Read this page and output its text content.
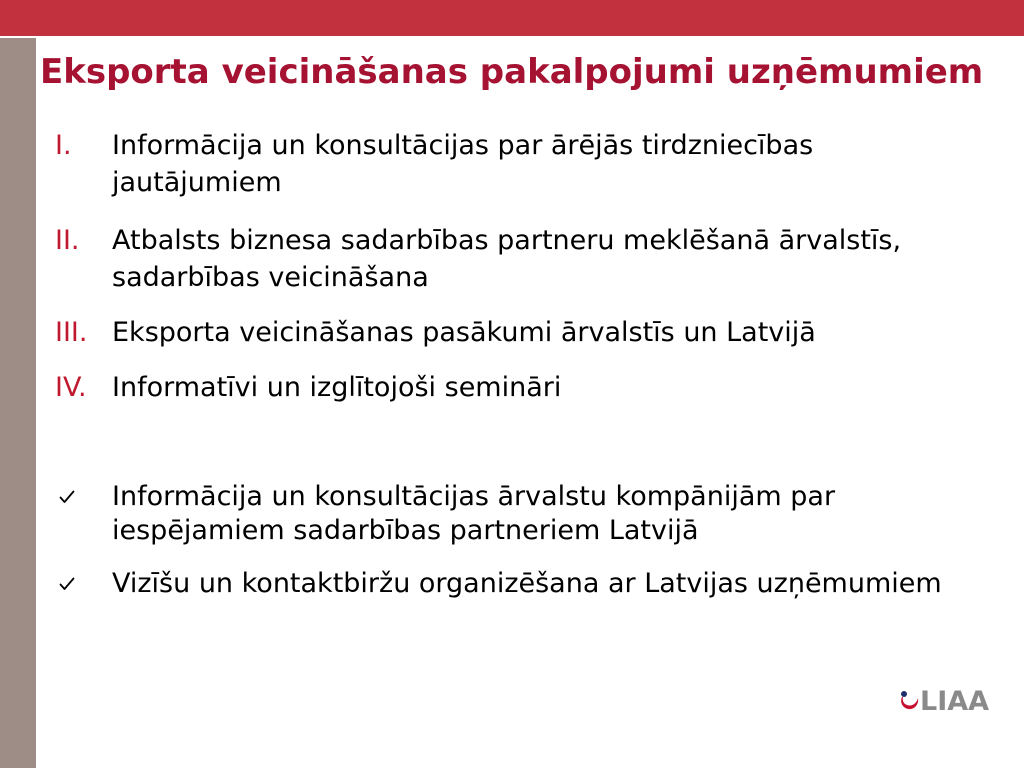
Eksporta veicināšanas pakalpojumi uzņēmumiem
I.	Informācija un konsultācijas par ārējās tirdzniecības
jautājumiem
II.	Atbalsts biznesa sadarbības partneru meklēšanā ārvalstīs,
sadarbības veicināšana
III. Eksporta veicināšanas pasākumi ārvalstīs un Latvijā
IV. Informatīvi un izglītojoši semināri
Informācija un konsultācijas ārvalstu kompānijām par
iespējamiem sadarbības partneriem Latvijā
Vizīšu un kontaktbiržu organizēšana ar Latvijas uzņēmumiem
LIAA
